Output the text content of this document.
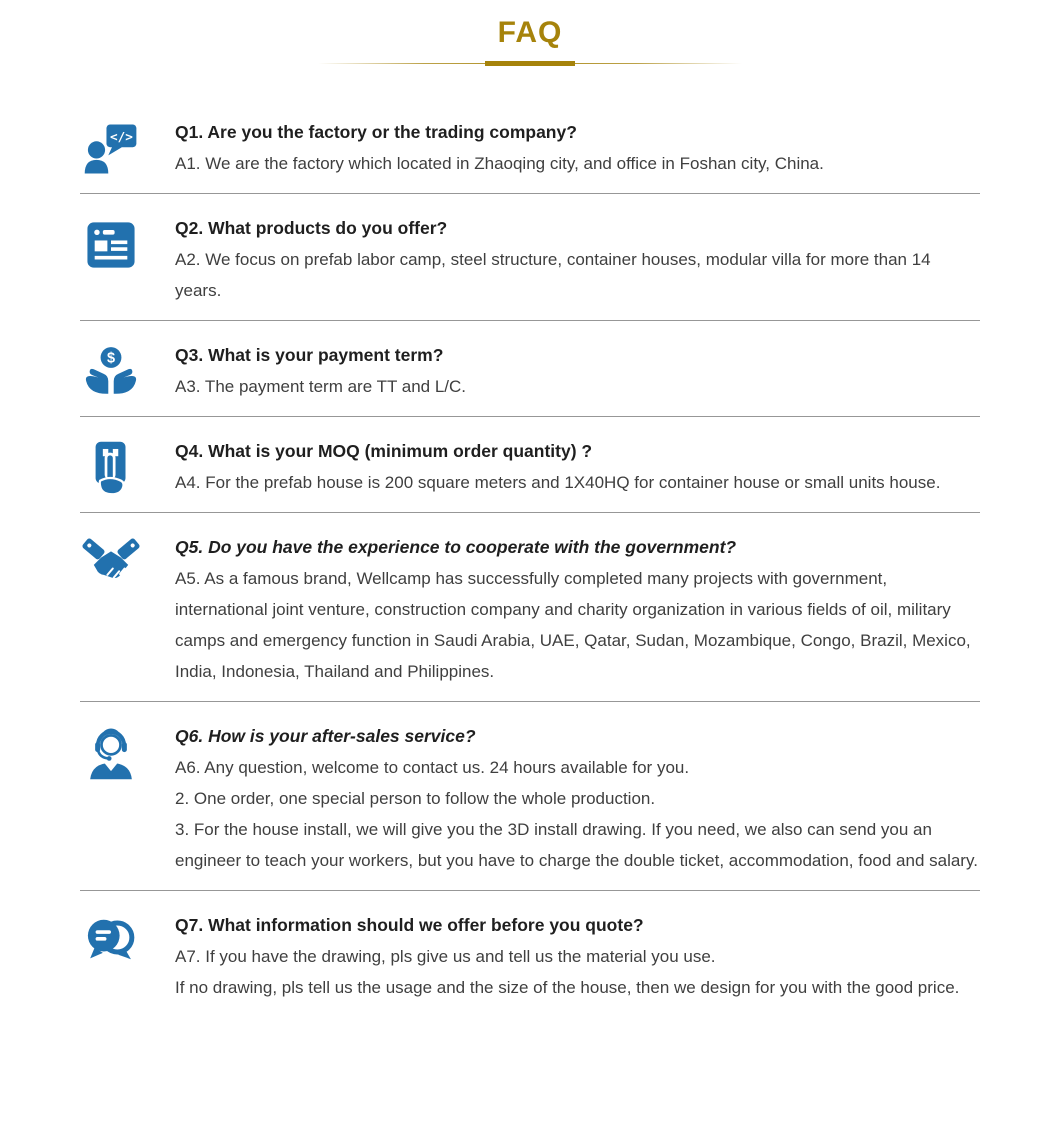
FAQ
</> Q1. Are you the factory or the trading company?

A1. We are the factory which located in Zhaoqing city, and office in Foshan city, China.

Q2. What products do you offer?

A2. We focus on prefab labor camp, steel structure, container houses, modular villa for more than 14 years.

$	Q3. What is your payment term?

A3. The payment term are TT and L/C.

Q4. What is your MOQ (minimum order quantity) ?

A4. For the prefab house is 200 square meters and 1X40HQ for container house or small units house.

Q5. Do you have the experience to cooperate with the government?

A5. As a famous brand, Wellcamp has successfully completed many projects with government, international joint venture, construction company and charity organization in various fields of oil, military camps and emergency function in Saudi Arabia, UAE, Qatar, Sudan, Mozambique, Congo, Brazil, Mexico, India, Indonesia, Thailand and Philippines.

Q6. How is your after-sales service?

A6. Any question, welcome to contact us. 24 hours available for you.

2. One order, one special person to follow the whole production.

3. For the house install, we will give you the 3D install drawing. If you need, we also can send you an engineer to teach your workers, but you have to charge the double ticket, accommodation, food and salary.

Q7. What information should we offer before you quote?

A7. If you have the drawing, pls give us and tell us the material you use.

If no drawing, pls tell us the usage and the size of the house, then we design for you with the good price.
